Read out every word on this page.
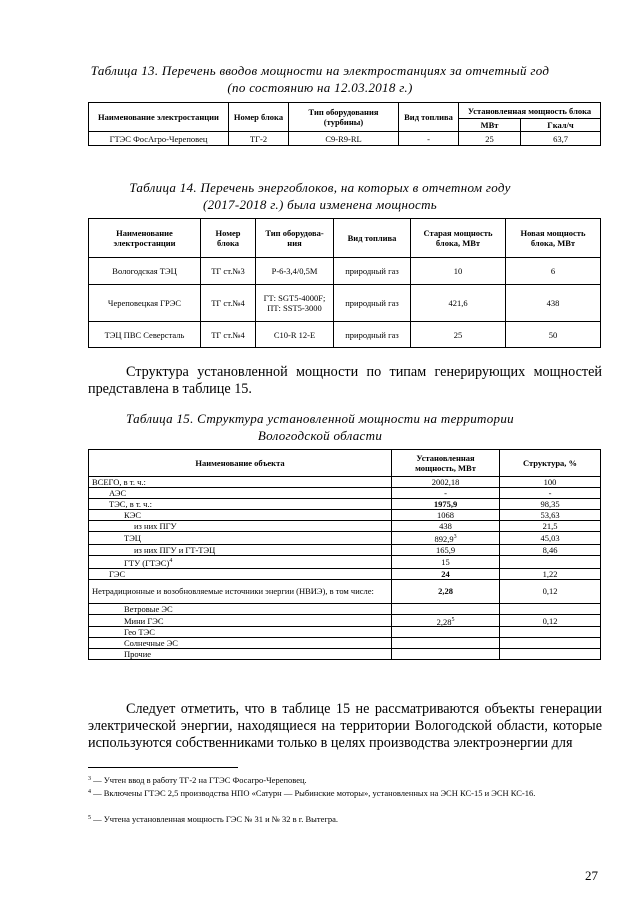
Таблица 13. Перечень вводов мощности на электростанциях за отчетный год
(по состоянию на 12.03.2018 г.)
Наименование электростанции	Номер блока	Тип оборудования (турбины)	Вид топлива	Установленная мощность блока	
				МВт	Гкал/ч
ГТЭС ФосАгро-Череповец	ТГ-2	С9-R9-RL	-	25	63,7
Таблица 14. Перечень энергоблоков, на которых в отчетном году
(2017-2018 г.) была изменена мощность
Наименование электростанции	Номер блока	Тип оборудова-ния	Вид топлива	Старая мощность блока, МВт	Новая мощность блока, МВт
Вологодская ТЭЦ	ТГ ст.№3	Р-6-3,4/0,5М	природный газ	10	6
Череповецкая ГРЭС	ТГ ст.№4	ГТ: SGT5-4000F; ПТ: SST5-3000	природный газ	421,6	438
ТЭЦ ПВС Северсталь	ТГ ст.№4	С10-R 12-Е	природный газ	25	50
Структура установленной мощности по типам генерирующих мощностей представлена в таблице 15.
Таблица 15. Структура установленной мощности на территории
Вологодской области
Наименование объекта	Установленная мощность, МВт	Структура, %
ВСЕГО, в т. ч.:	2002,18	100
АЭС	-	-
ТЭС, в т. ч.:	1975,9	98,35
КЭС	1068	53,63
из них ПГУ	438	21,5
ТЭЦ	892,9$^3$	45,03
из них ПГУ и ГТ-ТЭЦ	165,9	8,46
ГТУ (ГТЭС)$^4$	15	
ГЭС	24	1,22
Нетрадиционные и возобновляемые источники энергии (НВИЭ), в том числе:	2,28	0,12
Ветровые ЭС		
Мини ГЭС	2,28$^5$	0,12
Гео ТЭС		
Солнечные ЭС		
Прочие		
Следует отметить, что в таблице 15 не рассматриваются объекты генерации электрической энергии, находящиеся на территории Вологодской области, которые используются собственниками только в целях производства электроэнергии для
$^3$ — Учтен ввод в работу ТГ-2 на ГТЭС Фосагро-Череповец.
$^4$ — Включены ГТЭС 2,5 производства НПО «Сатурн — Рыбинские моторы», установленных на ЭСН КС-15 и ЭСН КС-16.
$^5$ — Учтена установленная мощность ГЭС № 31 и № 32 в г. Вытегра.
27
